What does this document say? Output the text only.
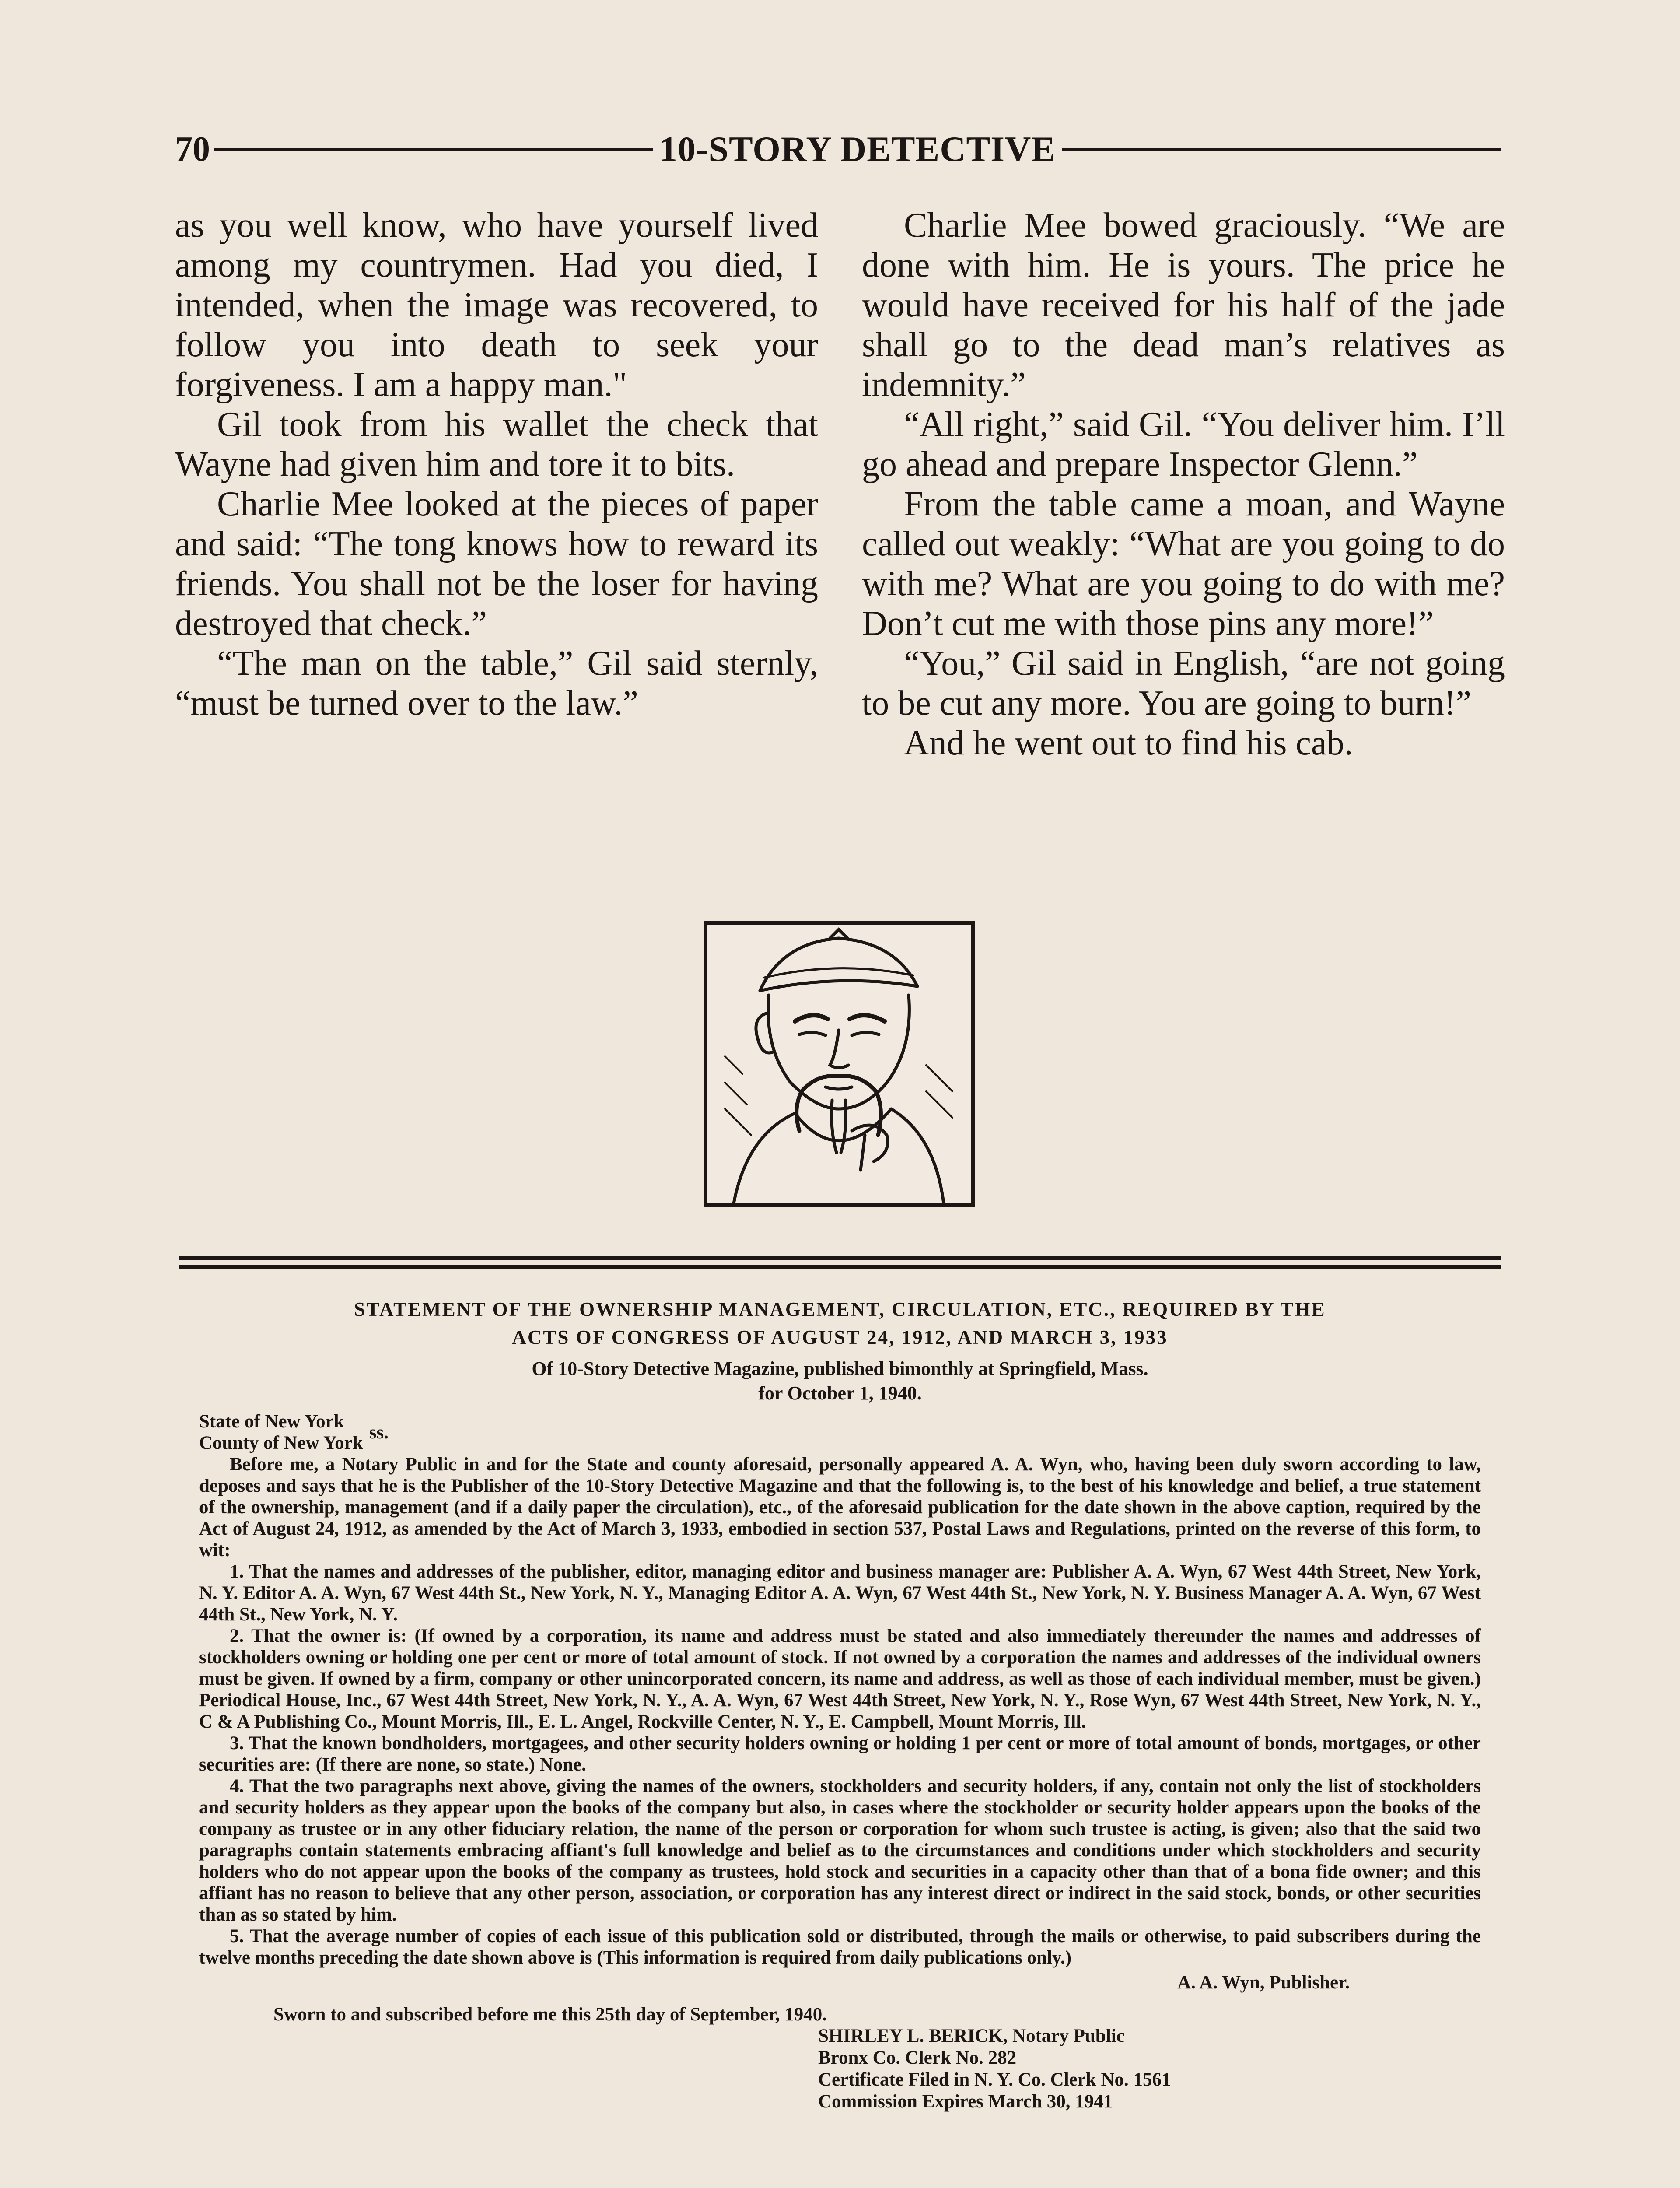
70	10-STORY DETECTIVE

as you well know, who have yourself lived among my countrymen. Had you died, I intended, when the image was recovered, to follow you into death to seek your forgiveness. I am a happy man."

Gil took from his wallet the check that Wayne had given him and tore it to bits.

Charlie Mee looked at the pieces of paper and said: “The tong knows how to reward its friends. You shall not be the loser for having destroyed that check.”

“The man on the table,” Gil said sternly, “must be turned over to the law.”

Charlie Mee bowed graciously. “We are done with him. He is yours. The price he would have received for his half of the jade shall go to the dead man’s relatives as indemnity.”

“All right,” said Gil. “You deliver him. I’ll go ahead and prepare Inspector Glenn.”

From the table came a moan, and Wayne called out weakly: “What are you going to do with me? What are you going to do with me? Don’t cut me with those pins any more!”

“You,” Gil said in English, “are not going to be cut any more. You are going to burn!”

And he went out to find his cab.

STATEMENT OF THE OWNERSHIP MANAGEMENT, CIRCULATION, ETC., REQUIRED BY THE

ACTS OF CONGRESS OF AUGUST 24, 1912, AND MARCH 3, 1933

Of 10-Story Detective Magazine, published bimonthly at Springfield, Mass.

for October 1, 1940.

State of New York

County of New York

ss.

Before me, a Notary Public in and for the State and county aforesaid, personally appeared A. A. Wyn, who, having been duly sworn according to law, deposes and says that he is the Publisher of the 10-Story Detective Magazine and that the following is, to the best of his knowledge and belief, a true statement of the ownership, management (and if a daily paper the circulation), etc., of the aforesaid publication for the date shown in the above caption, required by the Act of August 24, 1912, as amended by the Act of March 3, 1933, embodied in section 537, Postal Laws and Regulations, printed on the reverse of this form, to wit:

1. That the names and addresses of the publisher, editor, managing editor and business manager are: Publisher A. A. Wyn, 67 West 44th Street, New York, N. Y. Editor A. A. Wyn, 67 West 44th St., New York, N. Y., Managing Editor A. A. Wyn, 67 West 44th St., New York, N. Y. Business Manager A. A. Wyn, 67 West 44th St., New York, N. Y.

2. That the owner is: (If owned by a corporation, its name and address must be stated and also immediately thereunder the names and addresses of stockholders owning or holding one per cent or more of total amount of stock. If not owned by a corporation the names and addresses of the individual owners must be given. If owned by a firm, company or other unincorporated concern, its name and address, as well as those of each individual member, must be given.) Periodical House, Inc., 67 West 44th Street, New York, N. Y., A. A. Wyn, 67 West 44th Street, New York, N. Y., Rose Wyn, 67 West 44th Street, New York, N. Y., C & A Publishing Co., Mount Morris, Ill., E. L. Angel, Rockville Center, N. Y., E. Campbell, Mount Morris, Ill.

3. That the known bondholders, mortgagees, and other security holders owning or holding 1 per cent or more of total amount of bonds, mortgages, or other securities are: (If there are none, so state.) None.

4. That the two paragraphs next above, giving the names of the owners, stockholders and security holders, if any, contain not only the list of stockholders and security holders as they appear upon the books of the company but also, in cases where the stockholder or security holder appears upon the books of the company as trustee or in any other fiduciary relation, the name of the person or corporation for whom such trustee is acting, is given; also that the said two paragraphs contain statements embracing affiant's full knowledge and belief as to the circumstances and conditions under which stockholders and security holders who do not appear upon the books of the company as trustees, hold stock and securities in a capacity other than that of a bona fide owner; and this affiant has no reason to believe that any other person, association, or corporation has any interest direct or indirect in the said stock, bonds, or other securities than as so stated by him.

5. That the average number of copies of each issue of this publication sold or distributed, through the mails or otherwise, to paid subscribers during the twelve months preceding the date shown above is (This information is required from daily publications only.)

A. A. Wyn, Publisher.

Sworn to and subscribed before me this 25th day of September, 1940.

SHIRLEY L. BERICK, Notary Public
Bronx Co. Clerk No. 282
Certificate Filed in N. Y. Co. Clerk No. 1561
Commission Expires March 30, 1941
